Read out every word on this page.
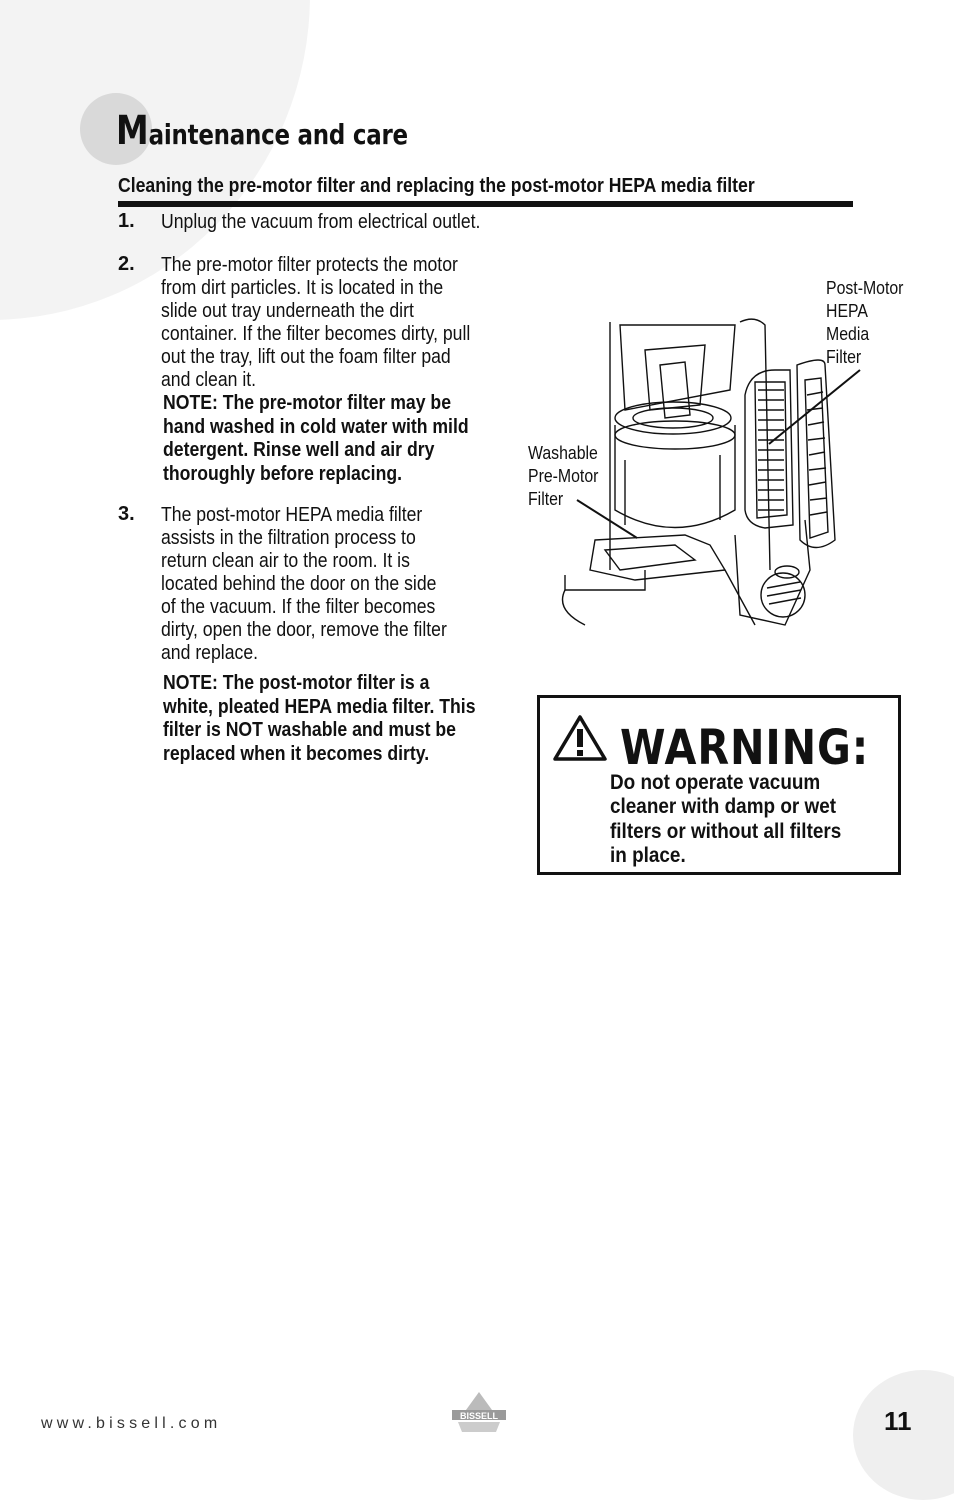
Maintenance and care
Cleaning the pre-motor filter and replacing the post-motor HEPA media filter
1. Unplug the vacuum from electrical outlet.
2. The pre-motor filter protects the motor
from dirt particles. It is located in the
slide out tray underneath the dirt
container. If the filter becomes dirty, pull
out the tray, lift out the foam filter pad
and clean it.
NOTE: The pre-motor filter may be
hand washed in cold water with mild
detergent. Rinse well and air dry
thoroughly before replacing.
3. The post-motor HEPA media filter
assists in the filtration process to
return clean air to the room. It is
located behind the door on the side
of the vacuum. If the filter becomes
dirty, open the door, remove the filter
and replace.
NOTE: The post-motor filter is a
white, pleated HEPA media filter. This
filter is NOT washable and must be
replaced when it becomes dirty.
Post-Motor
HEPA
Media
Filter
Washable
Pre-Motor
Filter
WARNING:
Do not operate vacuum
cleaner with damp or wet
filters or without all filters
in place.
www.bissell.com	BISSELL	11
